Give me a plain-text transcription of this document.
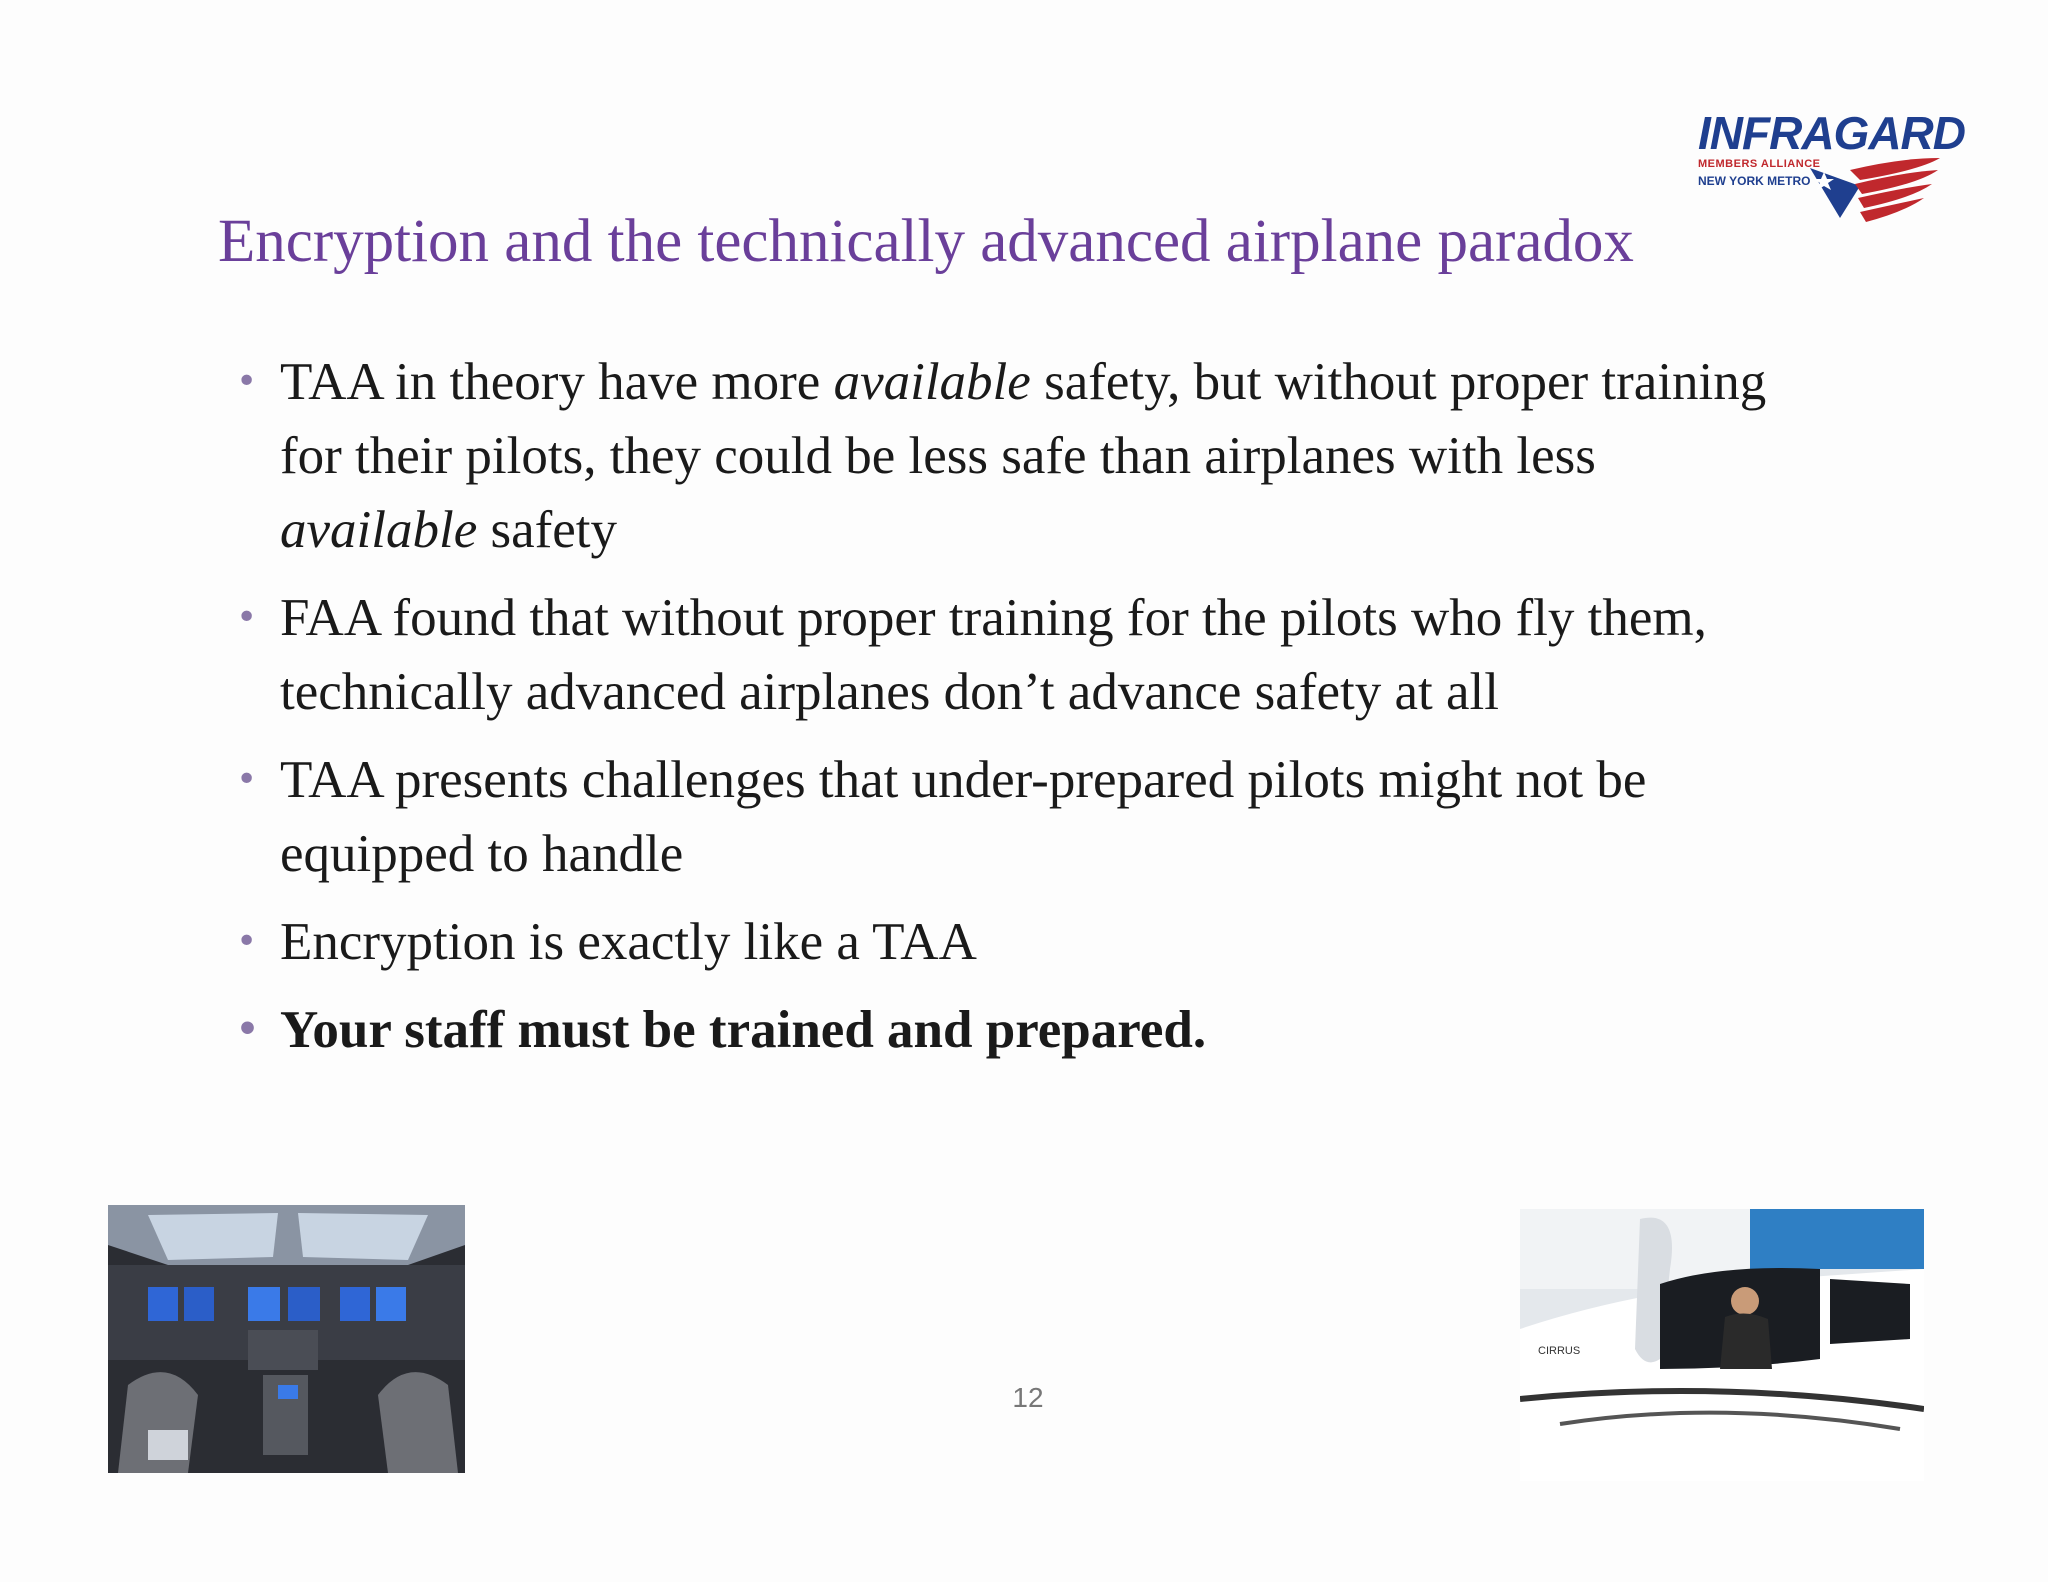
INFRAGARD
MEMBERS ALLIANCE
NEW YORK METRO
Encryption and the technically advanced airplane paradox
• TAA in theory have more available safety, but without proper training for their pilots, they could be less safe than airplanes with less available safety
• FAA found that without proper training for the pilots who fly them, technically advanced airplanes don’t advance safety at all
• TAA presents challenges that under-prepared pilots might not be equipped to handle
• Encryption is exactly like a TAA
• Your staff must be trained and prepared.
CIRRUS
12
